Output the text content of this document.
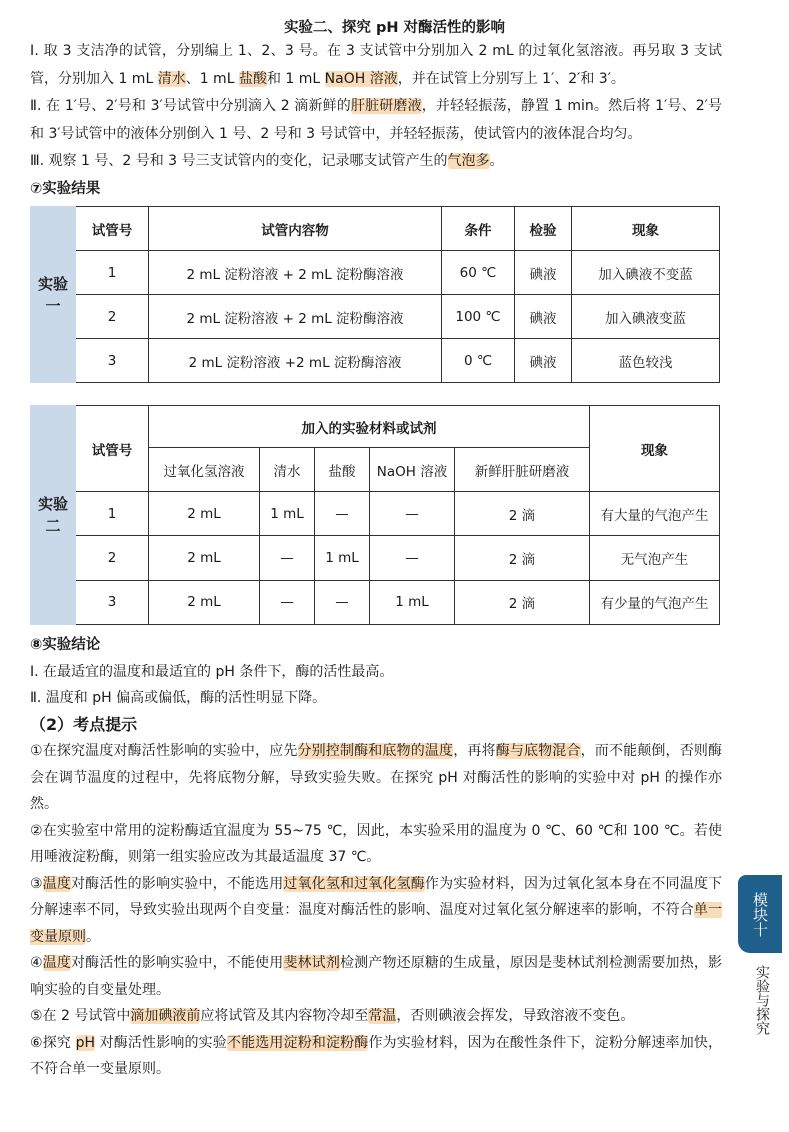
实验二、探究 pH 对酶活性的影响
Ⅰ. 取 3 支洁净的试管，分别编上 1、2、3 号。在 3 支试管中分别加入 2 mL 的过氧化氢溶液。再另取 3 支试管，分别加入 1 mL 清水、1 mL 盐酸和 1 mL NaOH 溶液，并在试管上分别写上 1′、2′和 3′。
Ⅱ. 在 1′号、2′号和 3′号试管中分别滴入 2 滴新鲜的肝脏研磨液，并轻轻振荡，静置 1 min。然后将 1′号、2′号和 3′号试管中的液体分别倒入 1 号、2 号和 3 号试管中，并轻轻振荡，使试管内的液体混合均匀。
Ⅲ. 观察 1 号、2 号和 3 号三支试管内的变化，记录哪支试管产生的气泡多。
⑦实验结果
实验一	试管号	试管内容物	条件	检验	现象
	1	2 mL 淀粉溶液 + 2 mL 淀粉酶溶液	60 ℃	碘液	加入碘液不变蓝
	2	2 mL 淀粉溶液 + 2 mL 淀粉酶溶液	100 ℃	碘液	加入碘液变蓝
	3	2 mL 淀粉溶液 +2 mL 淀粉酶溶液	0 ℃	碘液	蓝色较浅
实验二	试管号	加入的实验材料或试剂					现象
		过氧化氢溶液	清水	盐酸	NaOH 溶液	新鲜肝脏研磨液	
	1	2 mL	1 mL	—	—	2 滴	有大量的气泡产生
	2	2 mL	—	1 mL	—	2 滴	无气泡产生
	3	2 mL	—	—	1 mL	2 滴	有少量的气泡产生
⑧实验结论
Ⅰ. 在最适宜的温度和最适宜的 pH 条件下，酶的活性最高。
Ⅱ. 温度和 pH 偏高或偏低，酶的活性明显下降。
（2）考点提示
①在探究温度对酶活性影响的实验中，应先分别控制酶和底物的温度，再将酶与底物混合，而不能颠倒，否则酶会在调节温度的过程中，先将底物分解，导致实验失败。在探究 pH 对酶活性的影响的实验中对 pH 的操作亦然。
②在实验室中常用的淀粉酶适宜温度为 55~75 ℃，因此，本实验采用的温度为 0 ℃、60 ℃和 100 ℃。若使用唾液淀粉酶，则第一组实验应改为其最适温度 37 ℃。
③温度对酶活性的影响实验中，不能选用过氧化氢和过氧化氢酶作为实验材料，因为过氧化氢本身在不同温度下分解速率不同，导致实验出现两个自变量：温度对酶活性的影响、温度对过氧化氢分解速率的影响，不符合单一变量原则。
④温度对酶活性的影响实验中，不能使用斐林试剂检测产物还原糖的生成量，原因是斐林试剂检测需要加热，影响实验的自变量处理。
⑤在 2 号试管中滴加碘液前应将试管及其内容物冷却至常温，否则碘液会挥发，导致溶液不变色。
⑥探究 pH 对酶活性影响的实验不能选用淀粉和淀粉酶作为实验材料，因为在酸性条件下，淀粉分解速率加快，不符合单一变量原则。
模块十
实验与探究
